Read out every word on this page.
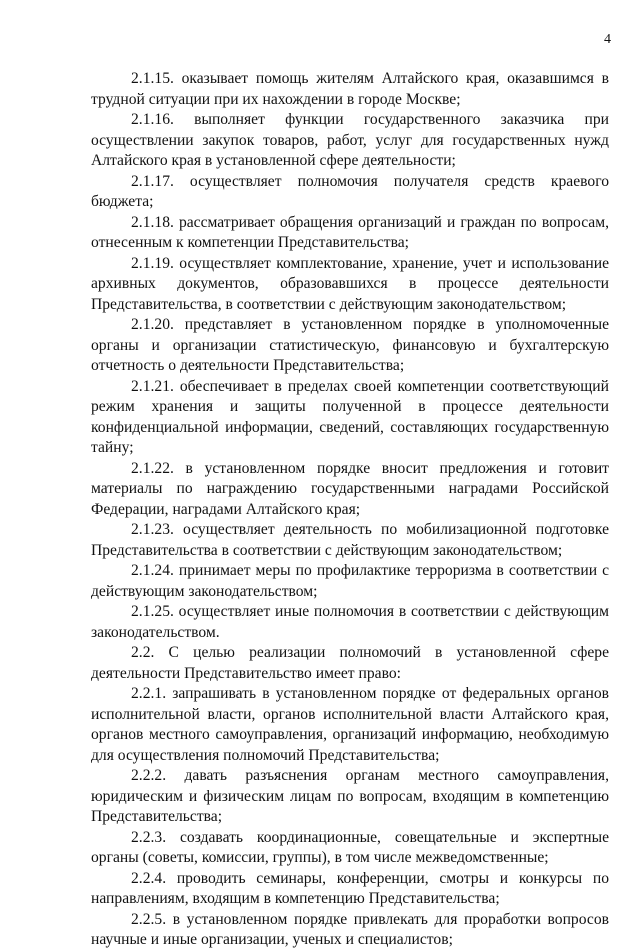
4

2.1.15. оказывает помощь жителям Алтайского края, оказавшимся в трудной ситуации при их нахождении в городе Москве;

2.1.16. выполняет функции государственного заказчика при осуществлении закупок товаров, работ, услуг для государственных нужд Алтайского края в установленной сфере деятельности;

2.1.17. осуществляет полномочия получателя средств краевого бюджета;

2.1.18. рассматривает обращения организаций и граждан по вопросам, отнесенным к компетенции Представительства;

2.1.19. осуществляет комплектование, хранение, учет и использование архивных документов, образовавшихся в процессе деятельности Представительства, в соответствии с действующим законодательством;

2.1.20. представляет в установленном порядке в уполномоченные органы и организации статистическую, финансовую и бухгалтерскую отчетность о деятельности Представительства;

2.1.21. обеспечивает в пределах своей компетенции соответствующий режим хранения и защиты полученной в процессе деятельности конфиденциальной информации, сведений, составляющих государственную тайну;

2.1.22. в установленном порядке вносит предложения и готовит материалы по награждению государственными наградами Российской Федерации, наградами Алтайского края;

2.1.23. осуществляет деятельность по мобилизационной подготовке Представительства в соответствии с действующим законодательством;

2.1.24. принимает меры по профилактике терроризма в соответствии с действующим законодательством;

2.1.25. осуществляет иные полномочия в соответствии с действующим законодательством.

2.2. С целью реализации полномочий в установленной сфере деятельности Представительство имеет право:

2.2.1. запрашивать в установленном порядке от федеральных органов исполнительной власти, органов исполнительной власти Алтайского края, органов местного самоуправления, организаций информацию, необходимую для осуществления полномочий Представительства;

2.2.2. давать разъяснения органам местного самоуправления, юридическим и физическим лицам по вопросам, входящим в компетенцию Представительства;

2.2.3. создавать координационные, совещательные и экспертные органы (советы, комиссии, группы), в том числе межведомственные;

2.2.4. проводить семинары, конференции, смотры и конкурсы по направлениям, входящим в компетенцию Представительства;

2.2.5. в установленном порядке привлекать для проработки вопросов научные и иные организации, ученых и специалистов;
